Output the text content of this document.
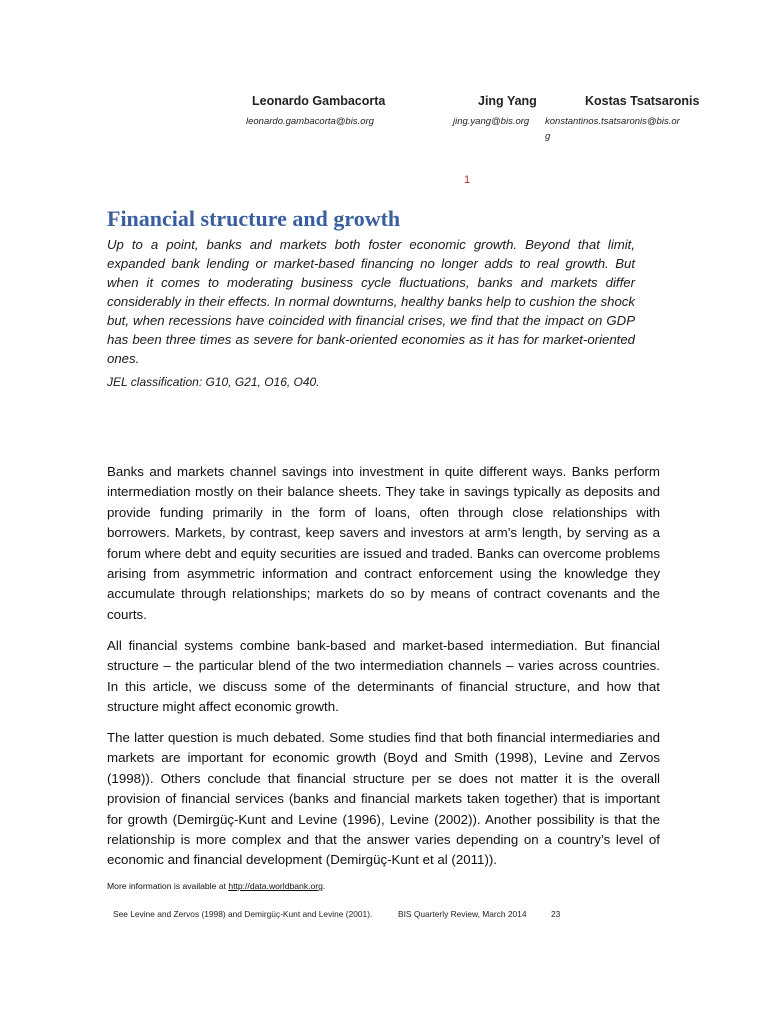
Leonardo Gambacorta
leonardo.gambacorta@bis.org
Jing Yang
jing.yang@bis.org
Kostas Tsatsaronis
konstantinos.tsatsaronis@bis.or
g
1
Financial structure and growth
Up to a point, banks and markets both foster economic growth. Beyond that limit, expanded bank lending or market-based financing no longer adds to real growth. But when it comes to moderating business cycle fluctuations, banks and markets differ considerably in their effects. In normal downturns, healthy banks help to cushion the shock but, when recessions have coincided with financial crises, we find that the impact on GDP has been three times as severe for bank-oriented economies as it has for market-oriented ones.
JEL classification: G10, G21, O16, O40.
Banks and markets channel savings into investment in quite different ways. Banks perform intermediation mostly on their balance sheets. They take in savings typically as deposits and provide funding primarily in the form of loans, often through close relationships with borrowers. Markets, by contrast, keep savers and investors at arm’s length, by serving as a forum where debt and equity securities are issued and traded. Banks can overcome problems arising from asymmetric information and contract enforcement using the knowledge they accumulate through relationships; markets do so by means of contract covenants and the courts.
All financial systems combine bank-based and market-based intermediation. But financial structure – the particular blend of the two intermediation channels – varies across countries. In this article, we discuss some of the determinants of financial structure, and how that structure might affect economic growth.
The latter question is much debated. Some studies find that both financial intermediaries and markets are important for economic growth (Boyd and Smith (1998), Levine and Zervos (1998)). Others conclude that financial structure per se does not matter it is the overall provision of financial services (banks and financial markets taken together) that is important for growth (Demirgüç-Kunt and Levine (1996), Levine (2002)). Another possibility is that the relationship is more complex and that the answer varies depending on a country’s level of economic and financial development (Demirgüç-Kunt et al (2011)).
More information is available at http://data.worldbank.org.
See Levine and Zervos (1998) and Demirgüç-Kunt and Levine (2001).	BIS Quarterly Review, March 2014	23
